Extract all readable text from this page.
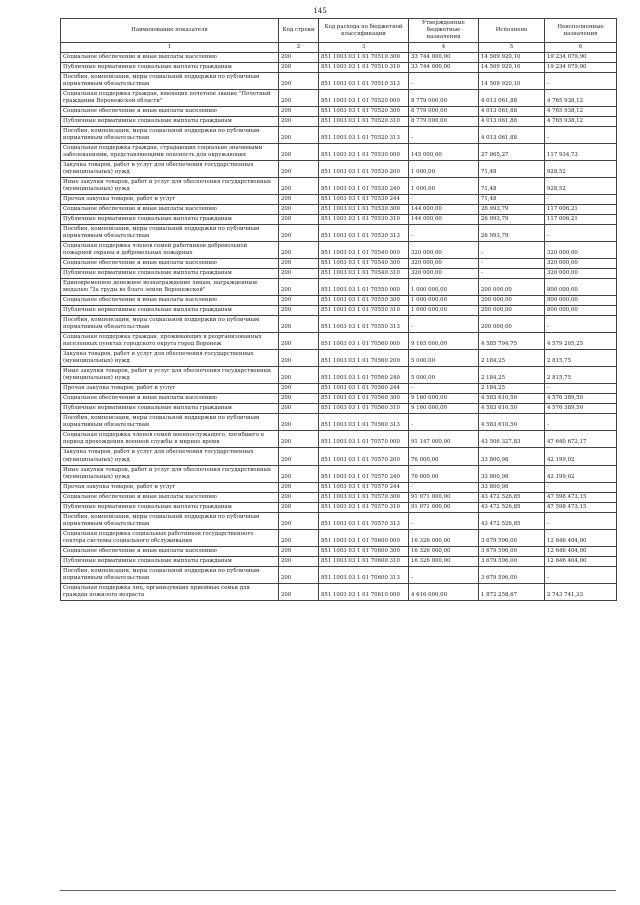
145
Наименование показателя	Код строки	Код расхода по бюджетной классификации	Утвержденные бюджетные назначения	Исполнено	Неисполненные назначения
1	2	3	4	5	6
Социальное обеспечение и иные выплаты населению	200	851 1003 03 1 01 70510 300	33 744 000,00	14 509 920,10	19 234 079,90
Публичные нормативные социальные выплаты гражданам	200	851 1003 03 1 01 70510 310	33 744 000,00	14 509 920,10	19 234 079,90
Пособия, компенсации, меры социальной поддержки по публичным нормативным обязательствам	200	851 1003 03 1 01 70510 313	-	14 509 920,10	-
Социальная поддержка граждан, имеющих почетное звание "Почетный гражданин Воронежской области"	200	851 1003 03 1 01 70520 000	8 779 000,00	4 013 061,88	4 765 938,12
Социальное обеспечение и иные выплаты населению	200	851 1003 03 1 01 70520 300	8 779 000,00	4 013 061,88	4 765 938,12
Публичные нормативные социальные выплаты гражданам	200	851 1003 03 1 01 70520 310	8 779 000,00	4 013 061,88	4 765 938,12
Пособия, компенсации, меры социальной поддержки по публичным нормативным обязательствам	200	851 1003 03 1 01 70520 313	-	4 013 061,88	-
Социальная поддержка граждан, страдающих социально значимыми заболеваниями, представляющими опасность для окружающих	200	851 1003 03 1 01 70530 000	145 000,00	27 065,27	117 934,73
Закупка товаров, работ и услуг для обеспечения государственных (муниципальных) нужд	200	851 1003 03 1 01 70530 200	1 000,00	71,48	928,52
Иные закупки товаров, работ и услуг для обеспечения государственных (муниципальных) нужд	200	851 1003 03 1 01 70530 240	1 000,00	71,48	928,52
Прочая закупка товаров, работ и услуг	200	851 1003 03 1 01 70530 244	-	71,48	-
Социальное обеспечение и иные выплаты населению	200	851 1003 03 1 01 70530 300	144 000,00	26 993,79	117 006,21
Публичные нормативные социальные выплаты гражданам	200	851 1003 03 1 01 70530 310	144 000,00	26 993,79	117 006,21
Пособия, компенсации, меры социальной поддержки по публичным нормативным обязательствам	200	851 1003 03 1 01 70530 313	-	26 993,79	-
Социальная поддержка членов семей работников добровольной пожарной охраны и добровольных пожарных	200	851 1003 03 1 01 70540 000	320 000,00	-	320 000,00
Социальное обеспечение и иные выплаты населению	200	851 1003 03 1 01 70540 300	320 000,00	-	320 000,00
Публичные нормативные социальные выплаты гражданам	200	851 1003 03 1 01 70540 310	320 000,00	-	320 000,00
Единовременное денежное вознаграждение лицам, награжденным медалью "За труды во благо земли Воронежской"	200	851 1003 03 1 01 70550 000	1 000 000,00	200 000,00	800 000,00
Социальное обеспечение и иные выплаты населению	200	851 1003 03 1 01 70550 300	1 000 000,00	200 000,00	800 000,00
Публичные нормативные социальные выплаты гражданам	200	851 1003 03 1 01 70550 310	1 000 000,00	200 000,00	800 000,00
Пособия, компенсации, меры социальной поддержки по публичным нормативным обязательствам	200	851 1003 03 1 01 70550 313	-	200 000,00	-
Социальная поддержка граждан, проживающих в реорганизованных населенных пунктах городского округа город Воронеж	200	851 1003 03 1 01 70560 000	9 165 000,00	4 585 794,75	4 579 205,25
Закупка товаров, работ и услуг для обеспечения государственных (муниципальных) нужд	200	851 1003 03 1 01 70560 200	5 000,00	2 184,25	2 815,75
Иные закупки товаров, работ и услуг для обеспечения государственных (муниципальных) нужд	200	851 1003 03 1 01 70560 240	5 000,00	2 184,25	2 815,75
Прочая закупка товаров, работ и услуг	200	851 1003 03 1 01 70560 244	-	2 184,25	-
Социальное обеспечение и иные выплаты населению	200	851 1003 03 1 01 70560 300	9 160 000,00	4 583 610,50	4 576 389,50
Публичные нормативные социальные выплаты гражданам	200	851 1003 03 1 01 70560 310	9 160 000,00	4 583 610,50	4 576 389,50
Пособия, компенсации, меры социальной поддержки по публичным нормативным обязательствам	200	851 1003 03 1 01 70560 313	-	4 583 610,50	-
Социальная поддержка членов семей военнослужащего, погибшего в период прохождения военной службы в мирное время	200	851 1003 03 1 01 70570 000	91 147 000,00	43 506 327,83	47 640 672,17
Закупка товаров, работ и услуг для обеспечения государственных (муниципальных) нужд	200	851 1003 03 1 01 70570 200	76 000,00	33 800,98	42 199,02
Иные закупки товаров, работ и услуг для обеспечения государственных (муниципальных) нужд	200	851 1003 03 1 01 70570 240	76 000,00	33 800,98	42 199,02
Прочая закупка товаров, работ и услуг	200	851 1003 03 1 01 70570 244	-	33 800,98	-
Социальное обеспечение и иные выплаты населению	200	851 1003 03 1 01 70570 300	91 071 000,00	43 472 526,85	47 598 473,15
Публичные нормативные социальные выплаты гражданам	200	851 1003 03 1 01 70570 310	91 071 000,00	43 472 526,85	47 598 473,15
Пособия, компенсации, меры социальной поддержки по публичным нормативным обязательствам	200	851 1003 03 1 01 70570 313	-	43 472 526,85	-
Социальная поддержка социальных работников государственного сектора системы социального обслуживания	200	851 1003 03 1 01 70600 000	16 326 000,00	3 679 596,00	12 646 404,00
Социальное обеспечение и иные выплаты населению	200	851 1003 03 1 01 70600 300	16 326 000,00	3 679 596,00	12 646 404,00
Публичные нормативные социальные выплаты гражданам	200	851 1003 03 1 01 70600 310	16 326 000,00	3 679 596,00	12 646 404,00
Пособия, компенсации, меры социальной поддержки по публичным нормативным обязательствам	200	851 1003 03 1 01 70600 313	-	3 679 596,00	-
Социальная поддержка лиц, организующих приемные семьи для граждан пожилого возраста	200	851 1003 03 1 01 70610 000	4 616 000,00	1 872 258,67	2 743 741,33
